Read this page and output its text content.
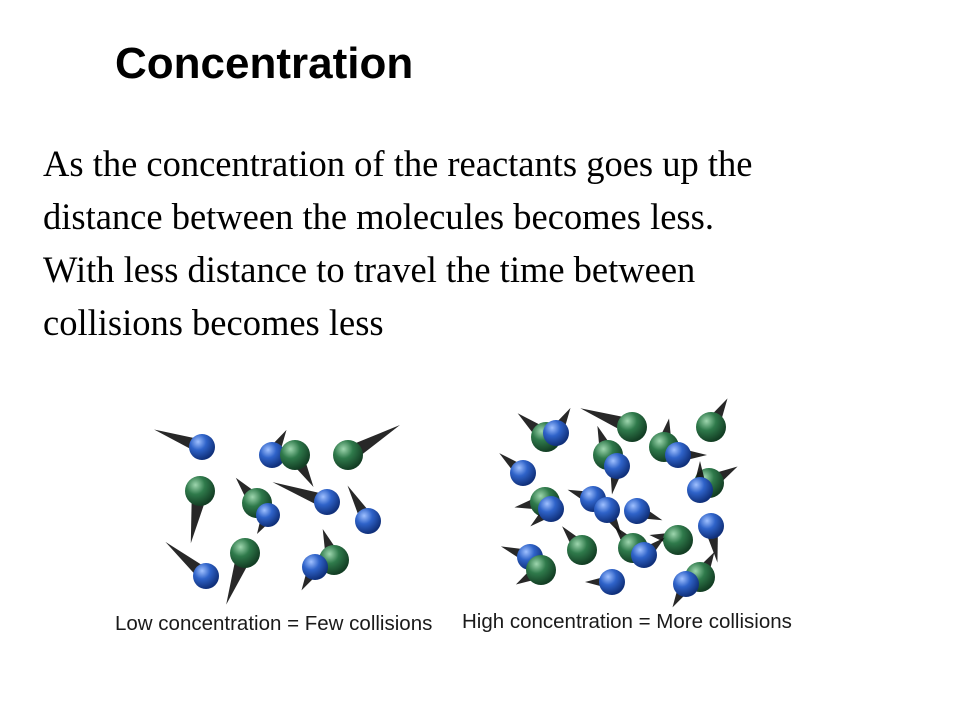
Concentration
As the concentration of the reactants goes up the
distance between the molecules becomes less.
With less distance to travel the time between
collisions becomes less
Low concentration = Few collisions High concentration = More collisions
